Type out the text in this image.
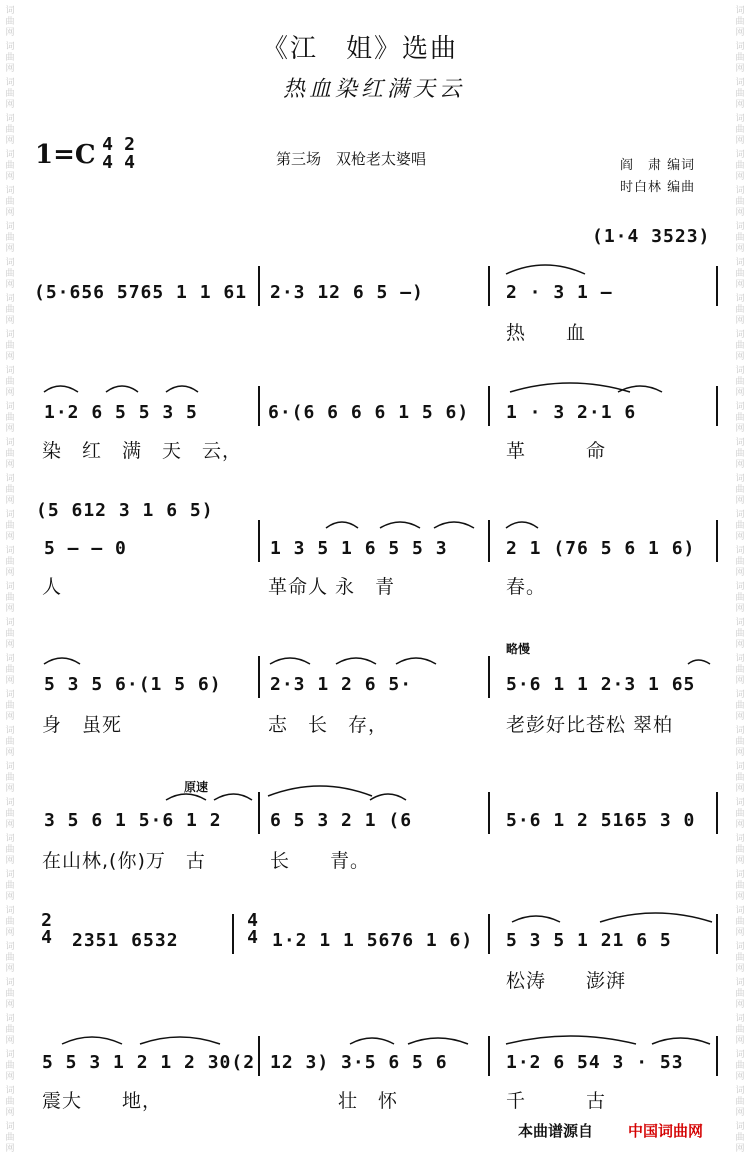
词
曲
网
词
曲
网
词
曲
网
词
曲
网
词
曲
网
词
曲
网
词
曲
网
词
曲
网
词
曲
网
词
曲
网
词
曲
网
词
曲
网
词
曲
网
词
曲
网
词
曲
网
词
曲
网
词
曲
网
词
曲
网
词
曲
网
词
曲
网
词
曲
网
词
曲
网
词
曲
网
词
曲
网
词
曲
网
词
曲
网
词
曲
网
词
曲
网
词
曲
网
词
曲
网
词
曲
网
词
曲
网
词
曲
网
词
曲
网
词
曲
网
词
曲
网
词
曲
网
词
曲
网
词
曲
网
词
曲
网
词
曲
网
词
曲
网
词
曲
网
词
曲
网
词
曲
网
词
曲
网
词
曲
网
词
曲
网
词
曲
网
词
曲
网
词
曲
网
词
曲
网
词
曲
网
词
曲
网
词
曲
网
词
曲
网
词
曲
网
词
曲
网
词
曲
网
词
曲
网
词
曲
网
词
曲
网
词
曲
网
词
曲
网
《江　姐》选曲
热血染红满天云
1=C 4
4
2
4	第三场　双枪老太婆唱	阎　肃 编词
时白林 编曲
(1·4 3523)
(5·656 5765 1 1 61 2·3 12 6 5 —)	2 · 3 1 —
热　　血
1·2 6 5 5 3 5	6·(6 6 6 6 1 5 6) 1 · 3 2·1 6
染　红　满　天　云，	革　　　命
(5 612 3 1 6 5)
5 — — 0	1 3 5 1 6 5 5 3	2 1 (76 5 6 1 6)
人	革命人 永　青	春。
略慢
5 3 5 6·(1 5 6)	2·3 1 2 6 5·	5·6 1 1 2·3 1 65
身　虽死	志　长　存，	老彭好比苍松 翠柏
原速
3 5 6 1 5·6 1 2	6 5 3 2 1 (6	5·6 1 2 5165 3 0
在山林,(你)万　古	长　　青。
2
4 2351 6532
4
4 1·2 1 1 5676 1 6) 5 3 5 1 21 6 5
松涛　　澎湃
5 5 3 1 2 1 2 30(2 12 3) 3·5 6 5 6	1·2 6 54 3 · 53
震大　　地，	壮　怀	千　　　古
本曲谱源自 中国词曲网
